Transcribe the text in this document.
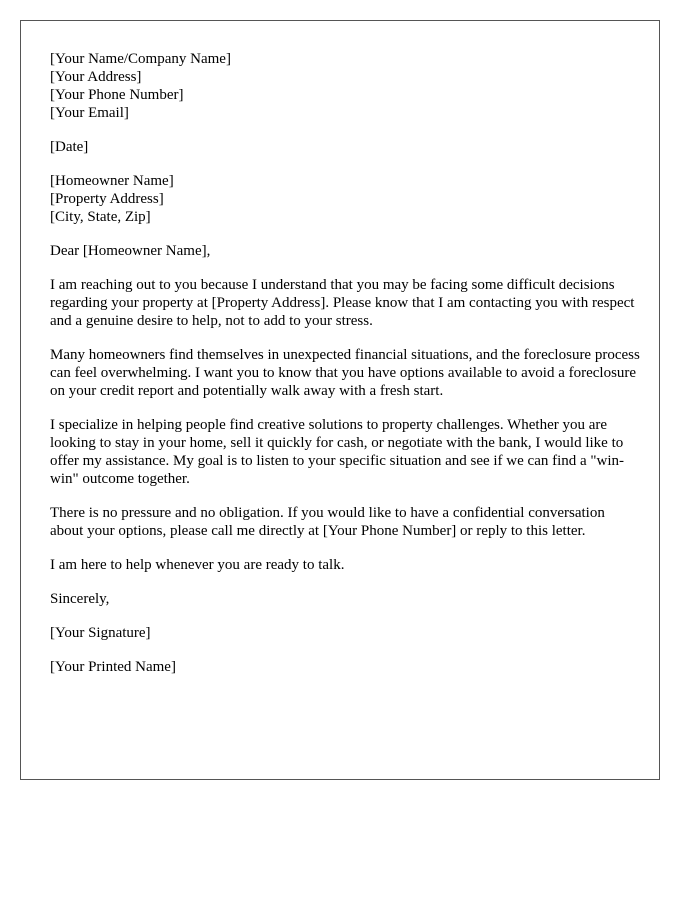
[Your Name/Company Name]
[Your Address]
[Your Phone Number]
[Your Email]
[Date]
[Homeowner Name]
[Property Address]
[City, State, Zip]

Dear [Homeowner Name],

I am reaching out to you because I understand that you may be facing some difficult decisions regarding your property at [Property Address]. Please know that I am contacting you with respect and a genuine desire to help, not to add to your stress.

Many homeowners find themselves in unexpected financial situations, and the foreclosure process can feel overwhelming. I want you to know that you have options available to avoid a foreclosure on your credit report and potentially walk away with a fresh start.

I specialize in helping people find creative solutions to property challenges. Whether you are looking to stay in your home, sell it quickly for cash, or negotiate with the bank, I would like to offer my assistance. My goal is to listen to your specific situation and see if we can find a "win-win" outcome together.

There is no pressure and no obligation. If you would like to have a confidential conversation about your options, please call me directly at [Your Phone Number] or reply to this letter.

I am here to help whenever you are ready to talk.

Sincerely,

[Your Signature]

[Your Printed Name]
